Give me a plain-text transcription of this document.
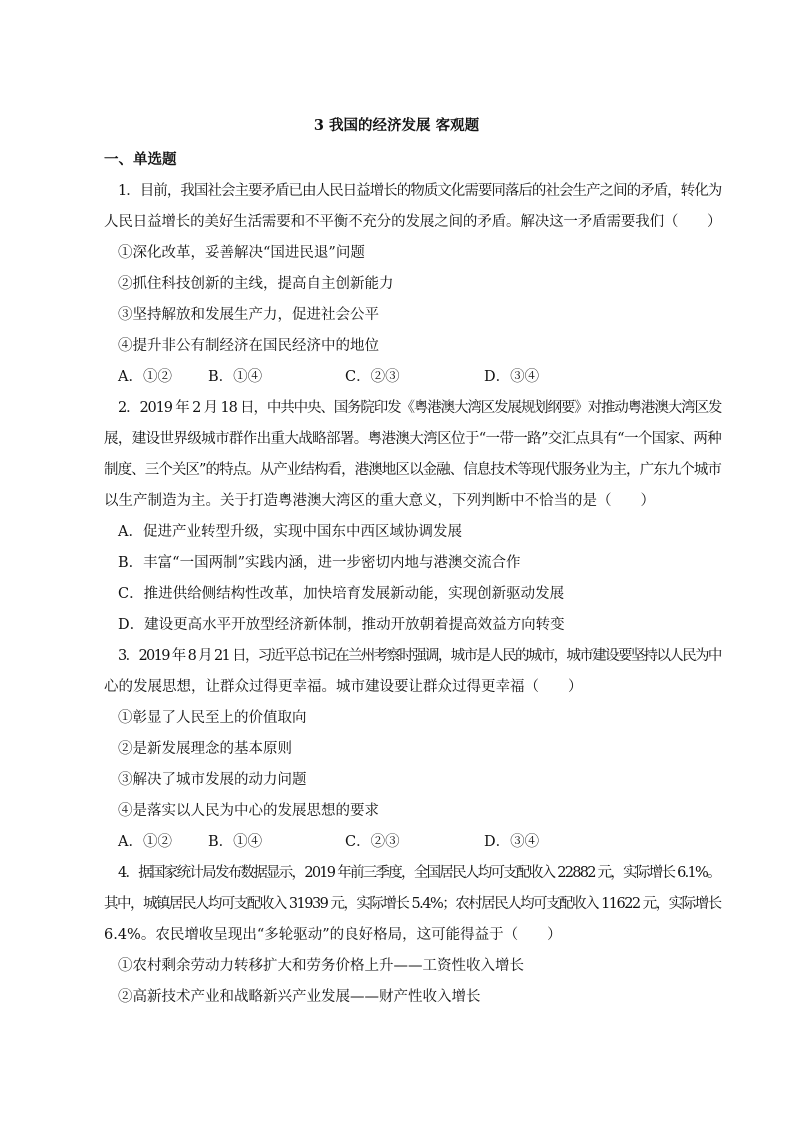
3 我国的经济发展 客观题
一、单选题
1．目前，我国社会主要矛盾已由人民日益增长的物质文化需要同落后的社会生产之间的矛盾，转化为
人民日益增长的美好生活需要和不平衡不充分的发展之间的矛盾。解决这一矛盾需要我们（　　）
①深化改革，妥善解决“国进民退”问题
②抓住科技创新的主线，提高自主创新能力
③坚持解放和发展生产力，促进社会公平
④提升非公有制经济在国民经济中的地位
A．①② B．①④	C．②③	D．③④
2．2019 年 2 月 18 日，中共中央、国务院印发《粤港澳大湾区发展规划纲要》对推动粤港澳大湾区发
展，建设世界级城市群作出重大战略部署。粤港澳大湾区位于“一带一路”交汇点具有“一个国家、两种
制度、三个关区”的特点。从产业结构看，港澳地区以金融、信息技术等现代服务业为主，广东九个城市
以生产制造为主。关于打造粤港澳大湾区的重大意义，下列判断中不恰当的是（　　）
A．促进产业转型升级，实现中国东中西区域协调发展
B．丰富“一国两制”实践内涵，进一步密切内地与港澳交流合作
C．推进供给侧结构性改革，加快培育发展新动能，实现创新驱动发展
D．建设更高水平开放型经济新体制，推动开放朝着提高效益方向转变
3．2019 年 8 月 21 日，习近平总书记在兰州考察时强调，城市是人民的城市，城市建设要坚持以人民为中
心的发展思想，让群众过得更幸福。城市建设要让群众过得更幸福（　　）
①彰显了人民至上的价值取向
②是新发展理念的基本原则
③解决了城市发展的动力问题
④是落实以人民为中心的发展思想的要求
A．①② B．①④	C．②③	D．③④
4．据国家统计局发布数据显示，2019 年前三季度，全国居民人均可支配收入 22882 元，实际增长 6.1%。
其中，城镇居民人均可支配收入 31939 元，实际增长 5.4%；农村居民人均可支配收入 11622 元，实际增长
6.4%。农民增收呈现出“多轮驱动”的良好格局，这可能得益于（　　）
①农村剩余劳动力转移扩大和劳务价格上升——工资性收入增长
②高新技术产业和战略新兴产业发展——财产性收入增长
